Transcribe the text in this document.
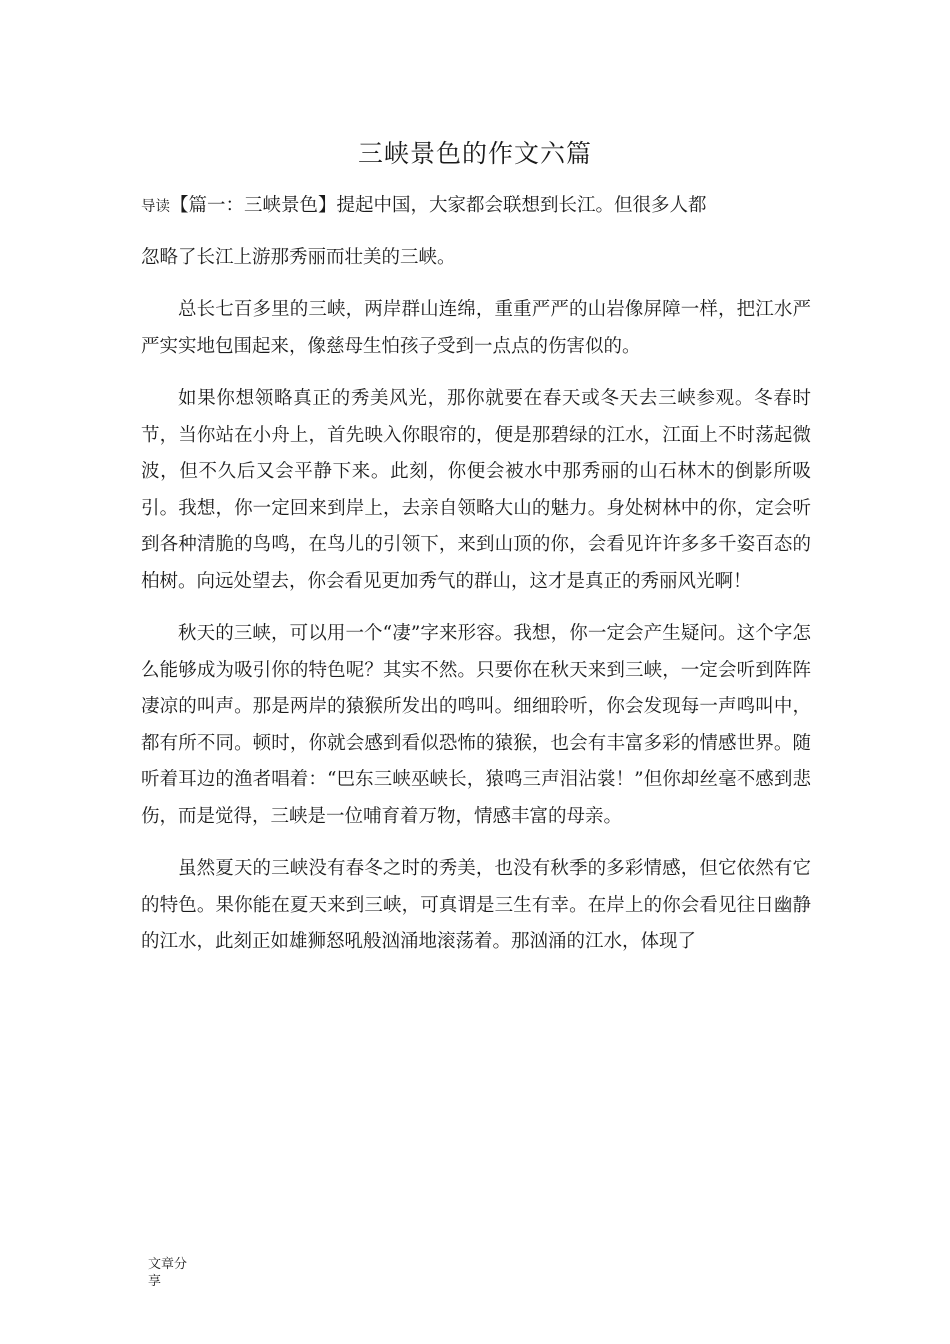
三峡景色的作文六篇

导读【篇一：三峡景色】提起中国，大家都会联想到长江。但很多人都

忽略了长江上游那秀丽而壮美的三峡。

总长七百多里的三峡，两岸群山连绵，重重严严的山岩像屏障一样，把江水严严实实地包围起来，像慈母生怕孩子受到一点点的伤害似的。

如果你想领略真正的秀美风光，那你就要在春天或冬天去三峡参观。冬春时节，当你站在小舟上，首先映入你眼帘的，便是那碧绿的江水，江面上不时荡起微波，但不久后又会平静下来。此刻，你便会被水中那秀丽的山石林木的倒影所吸引。我想，你一定回来到岸上，去亲自领略大山的魅力。身处树林中的你，定会听到各种清脆的鸟鸣，在鸟儿的引领下，来到山顶的你，会看见许许多多千姿百态的柏树。向远处望去，你会看见更加秀气的群山，这才是真正的秀丽风光啊！

秋天的三峡，可以用一个“凄”字来形容。我想，你一定会产生疑问。这个字怎么能够成为吸引你的特色呢？其实不然。只要你在秋天来到三峡，一定会听到阵阵凄凉的叫声。那是两岸的猿猴所发出的鸣叫。细细聆听，你会发现每一声鸣叫中，都有所不同。顿时，你就会感到看似恐怖的猿猴，也会有丰富多彩的情感世界。随听着耳边的渔者唱着：“巴东三峡巫峡长，猿鸣三声泪沾裳！”但你却丝毫不感到悲伤，而是觉得，三峡是一位哺育着万物，情感丰富的母亲。

虽然夏天的三峡没有春冬之时的秀美，也没有秋季的多彩情感，但它依然有它的特色。果你能在夏天来到三峡，可真谓是三生有幸。在岸上的你会看见往日幽静的江水，此刻正如雄狮怒吼般汹涌地滚荡着。那汹涌的江水，体现了

文章分享
